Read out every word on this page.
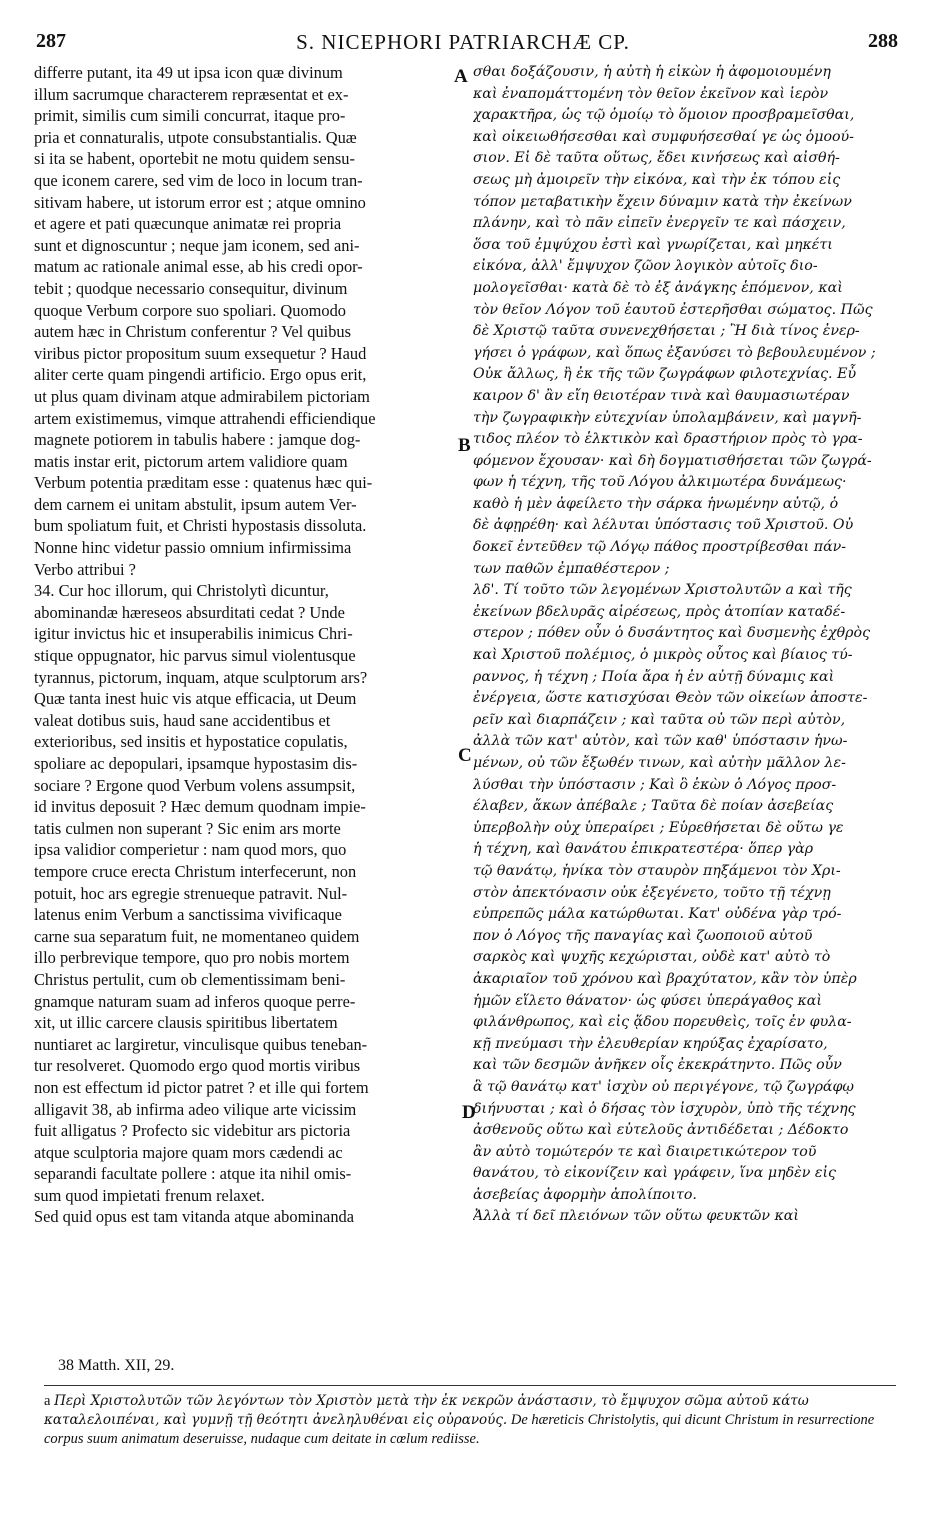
287	S. NICEPHORI PATRIARCHÆ CP.	288
differre putant, ita 49 ut ipsa icon quæ divinum
illum sacrumque characterem repræsentat et ex-
primit, similis cum simili concurrat, itaque pro-
pria et connaturalis, utpote consubstantialis. Quæ
si ita se habent, oportebit ne motu quidem sensu-
que iconem carere, sed vim de loco in locum tran-
sitivam habere, ut istorum error est ; atque omnino
et agere et pati quæcunque animatæ rei propria
sunt et dignoscuntur ; neque jam iconem, sed ani-
matum ac rationale animal esse, ab his credi opor-
tebit ; quodque necessario consequitur, divinum
quoque Verbum corpore suo spoliari. Quomodo
autem hæc in Christum conferentur ? Vel quibus
viribus pictor propositum suum exsequetur ? Haud
aliter certe quam pingendi artificio. Ergo opus erit,
ut plus quam divinam atque admirabilem pictoriam
artem existimemus, vimque attrahendi efficiendique
magnete potiorem in tabulis habere : jamque dog-
matis instar erit, pictorum artem validiore quam
Verbum potentia præditam esse : quatenus hæc qui-
dem carnem ei unitam abstulit, ipsum autem Ver-
bum spoliatum fuit, et Christi hypostasis dissoluta.
Nonne hinc videtur passio omnium infirmissima
Verbo attribui ?
34. Cur hoc illorum, qui Christolytì dicuntur,
abominandæ hæreseos absurditati cedat ? Unde
igitur invictus hic et insuperabilis inimicus Chri-
stique oppugnator, hic parvus simul violentusque
tyrannus, pictorum, inquam, atque sculptorum ars?
Quæ tanta inest huic vis atque efficacia, ut Deum
valeat dotibus suis, haud sane accidentibus et
exterioribus, sed insitis et hypostatice copulatis,
spoliare ac depopulari, ipsamque hypostasim dis-
sociare ? Ergone quod Verbum volens assumpsit,
id invitus deposuit ? Hæc demum quodnam impie-
tatis culmen non superant ? Sic enim ars morte
ipsa validior comperietur : nam quod mors, quo
tempore cruce erecta Christum interfecerunt, non
potuit, hoc ars egregie strenueque patravit. Nul-
latenus enim Verbum a sanctissima vivificaque
carne sua separatum fuit, ne momentaneo quidem
illo perbrevique tempore, quo pro nobis mortem
Christus pertulit, cum ob clementissimam beni-
gnamque naturam suam ad inferos quoque perre-
xit, ut illic carcere clausis spiritibus libertatem
nuntiaret ac largiretur, vinculisque quibus teneban-
tur resolveret. Quomodo ergo quod mortis viribus
non est effectum id pictor patret ? et ille qui fortem
alligavit 38, ab infirma adeo vilique arte vicissim
fuit alligatus ? Profecto sic videbitur ars pictoria
atque sculptoria majore quam mors cædendi ac
separandi facultate pollere : atque ita nihil omis-
sum quod impietati frenum relaxet.
Sed quid opus est tam vitanda atque abominanda
σθαι δοξάζουσιν, ἡ αὐτὴ ἡ εἰκὼν ἡ ἀφομοιουμένη
καὶ ἐναπομάττομένη τὸν θεῖον ἐκεῖνον καὶ ἱερὸν
χαρακτῆρα, ὡς τῷ ὁμοίῳ τὸ ὅμοιον προσβραμεῖσθαι,
καὶ οἰκειωθήσεσθαι καὶ συμφυήσεσθαί γε ὡς ὁμοού-
σιον. Εἰ δὲ ταῦτα οὕτως, ἔδει κινήσεως καὶ αἰσθή-
σεως μὴ ἀμοιρεῖν τὴν εἰκόνα, καὶ τὴν ἐκ τόπου εἰς
τόπον μεταβατικὴν ἔχειν δύναμιν κατὰ τὴν ἐκείνων
πλάνην, καὶ τὸ πᾶν εἰπεῖν ἐνεργεῖν τε καὶ πάσχειν,
ὅσα τοῦ ἐμψύχου ἐστὶ καὶ γνωρίζεται, καὶ μηκέτι
εἰκόνα, ἀλλ' ἔμψυχον ζῶον λογικὸν αὐτοῖς διο-
μολογεῖσθαι· κατὰ δὲ τὸ ἐξ ἀνάγκης ἑπόμενον, καὶ
τὸν θεῖον Λόγον τοῦ ἑαυτοῦ ἐστερῆσθαι σώματος. Πῶς
δὲ Χριστῷ ταῦτα συνενεχθήσεται ; Ἢ διὰ τίνος ἐνερ-
γήσει ὁ γράφων, καὶ ὅπως ἐξανύσει τὸ βεβουλευμένον ;
Οὐκ ἄλλως, ἢ ἐκ τῆς τῶν ζωγράφων φιλοτεχνίας. Εὖ
καιρον δ' ἂν εἴη θειοτέραν τινὰ καὶ θαυμασιωτέραν
τὴν ζωγραφικὴν εὐτεχνίαν ὑπολαμβάνειν, καὶ μαγνῆ-
τιδος πλέον τὸ ἑλκτικὸν καὶ δραστήριον πρὸς τὸ γρα-
φόμενον ἔχουσαν· καὶ δὴ δογματισθήσεται τῶν ζωγρά-
φων ἡ τέχνη, τῆς τοῦ Λόγου ἀλκιμωτέρα δυνάμεως·
καθὸ ἡ μὲν ἀφείλετο τὴν σάρκα ἡνωμένην αὐτῷ, ὁ
δὲ ἀφῃρέθη· καὶ λέλυται ὑπόστασις τοῦ Χριστοῦ. Οὐ
δοκεῖ ἐντεῦθεν τῷ Λόγῳ πάθος προστρίβεσθαι πάν-
των παθῶν ἐμπαθέστερον ;
λδ'. Τί τοῦτο τῶν λεγομένων Χριστολυτῶν a καὶ τῆς
ἐκείνων βδελυρᾶς αἱρέσεως, πρὸς ἀτοπίαν καταδέ-
στερον ; πόθεν οὖν ὁ δυσάντητος καὶ δυσμενὴς ἐχθρὸς
καὶ Χριστοῦ πολέμιος, ὁ μικρὸς οὗτος καὶ βίαιος τύ-
ραννος, ἡ τέχνη ; Ποία ἄρα ἡ ἐν αὐτῇ δύναμις καὶ
ἐνέργεια, ὥστε κατισχύσαι Θεὸν τῶν οἰκείων ἀποστε-
ρεῖν καὶ διαρπάζειν ; καὶ ταῦτα οὐ τῶν περὶ αὐτὸν,
ἀλλὰ τῶν κατ' αὐτὸν, καὶ τῶν καθ' ὑπόστασιν ἡνω-
μένων, οὐ τῶν ἔξωθέν τινων, καὶ αὐτὴν μᾶλλον λε-
λύσθαι τὴν ὑπόστασιν ; Καὶ ὃ ἑκὼν ὁ Λόγος προσ-
έλαβεν, ἄκων ἀπέβαλε ; Ταῦτα δὲ ποίαν ἀσεβείας
ὑπερβολὴν οὐχ ὑπεραίρει ; Εὑρεθήσεται δὲ οὕτω γε
ἡ τέχνη, καὶ θανάτου ἐπικρατεστέρα· ὅπερ γὰρ
τῷ θανάτῳ, ἡνίκα τὸν σταυρὸν πηξάμενοι τὸν Χρι-
στὸν ἀπεκτόνασιν οὐκ ἐξεγένετο, τοῦτο τῇ τέχνῃ
εὐπρεπῶς μάλα κατώρθωται. Κατ' οὐδένα γὰρ τρό-
πον ὁ Λόγος τῆς παναγίας καὶ ζωοποιοῦ αὐτοῦ
σαρκὸς καὶ ψυχῆς κεχώρισται, οὐδὲ κατ' αὐτὸ τὸ
ἀκαριαῖον τοῦ χρόνου καὶ βραχύτατον, κἂν τὸν ὑπὲρ
ἡμῶν εἵλετο θάνατον· ὡς φύσει ὑπεράγαθος καὶ
φιλάνθρωπος, καὶ εἰς ᾅδου πορευθεὶς, τοῖς ἐν φυλα-
κῇ πνεύμασι τὴν ἐλευθερίαν κηρύξας ἐχαρίσατο,
καὶ τῶν δεσμῶν ἀνῆκεν οἷς ἐκεκράτηντο. Πῶς οὖν
ἃ τῷ θανάτῳ κατ' ἰσχὺν οὐ περιγέγονε, τῷ ζωγράφῳ
διήνυσται ; καὶ ὁ δήσας τὸν ἰσχυρὸν, ὑπὸ τῆς τέχνης
ἀσθενοῦς οὕτω καὶ εὐτελοῦς ἀντιδέδεται ; Δέδοκτο
ἂν αὐτὸ τομώτερόν τε καὶ διαιρετικώτερον τοῦ
θανάτου, τὸ εἰκονίζειν καὶ γράφειν, ἵνα μηδὲν εἰς
ἀσεβείας ἀφορμὴν ἀπολίποιτο.
Ἀλλὰ τί δεῖ πλειόνων τῶν οὕτω φευκτῶν καὶ
A
B
C
D
38 Matth. XII, 29.
a Περὶ Χριστολυτῶν τῶν λεγόντων τὸν Χριστὸν μετὰ τὴν ἐκ νεκρῶν ἀνάστασιν, τὸ ἔμψυχον σῶμα αὐτοῦ κάτω καταλελοιπέναι, καὶ γυμνῇ τῇ θεότητι ἀνεληλυθέναι εἰς οὐρανούς. De hæreticis Christolytis, qui dicunt Christum in resurrectione corpus suum animatum deseruisse, nudaque cum deitate in cœlum rediisse.
